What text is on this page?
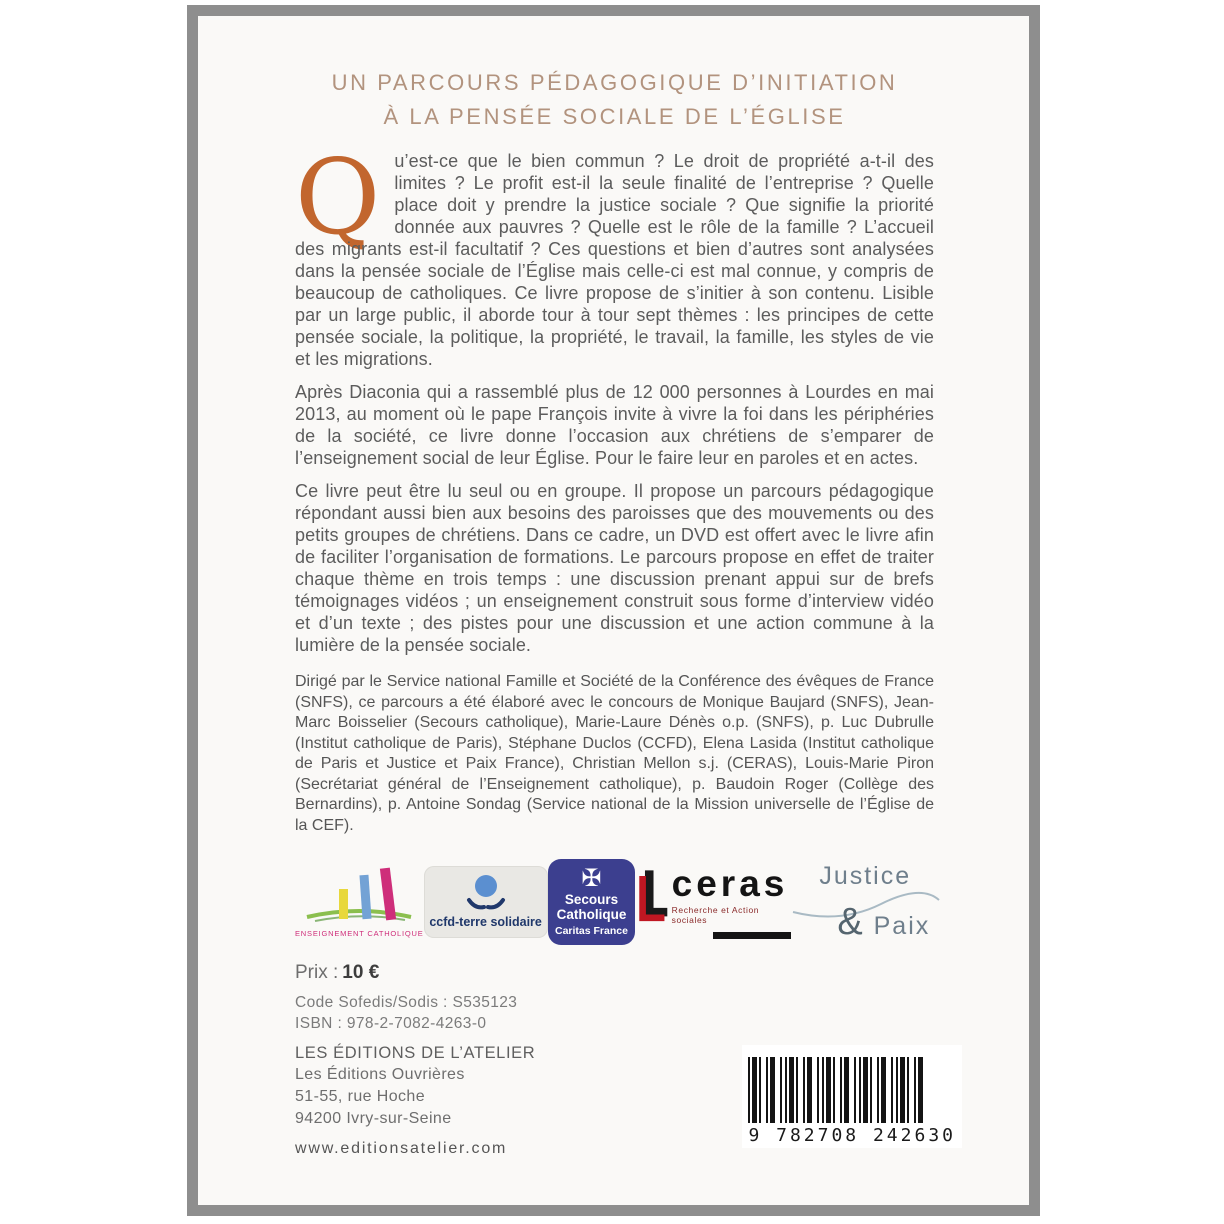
UN PARCOURS PÉDAGOGIQUE D’INITIATION
À LA PENSÉE SOCIALE DE L’ÉGLISE

Qu’est-ce que le bien commun ? Le droit de propriété a-t-il des limites ? Le profit est-il la seule finalité de l’entreprise ? Quelle place doit y prendre la justice sociale ? Que signifie la priorité donnée aux pauvres ? Quelle est le rôle de la famille ? L’accueil des migrants est-il facultatif ? Ces questions et bien d’autres sont analysées dans la pensée sociale de l’Église mais celle-ci est mal connue, y compris de beaucoup de catholiques. Ce livre propose de s’initier à son contenu. Lisible par un large public, il aborde tour à tour sept thèmes : les principes de cette pensée sociale, la politique, la propriété, le travail, la famille, les styles de vie et les migrations.

Après Diaconia qui a rassemblé plus de 12 000 personnes à Lourdes en mai 2013, au moment où le pape François invite à vivre la foi dans les périphéries de la société, ce livre donne l’occasion aux chrétiens de s’emparer de l’enseignement social de leur Église. Pour le faire leur en paroles et en actes.

Ce livre peut être lu seul ou en groupe. Il propose un parcours pédagogique répondant aussi bien aux besoins des paroisses que des mouvements ou des petits groupes de chrétiens. Dans ce cadre, un DVD est offert avec le livre afin de faciliter l’organisation de formations. Le parcours propose en effet de traiter chaque thème en trois temps : une discussion prenant appui sur de brefs témoignages vidéos ; un enseignement construit sous forme d’interview vidéo et d’un texte ; des pistes pour une discussion et une action commune à la lumière de la pensée sociale.

Dirigé par le Service national Famille et Société de la Conférence des évêques de France (SNFS), ce parcours a été élaboré avec le concours de Monique Baujard (SNFS), Jean-Marc Boisselier (Secours catholique), Marie-Laure Dénès o.p. (SNFS), p. Luc Dubrulle (Institut catholique de Paris), Stéphane Duclos (CCFD), Elena Lasida (Institut catholique de Paris et Justice et Paix France), Christian Mellon s.j. (CERAS), Louis-Marie Piron (Secrétariat général de l’Enseignement catholique), p. Baudoin Roger (Collège des Bernardins), p. Antoine Sondag (Service national de la Mission universelle de l’Église de la CEF).

ENSEIGNEMENT CATHOLIQUE
ccfd-terre solidaire
✠
Secours
Catholique
Caritas France
ceras
Recherche et Action sociales
Justice
& Paix
Prix : 10 €
Code Sofedis/Sodis : S535123
ISBN : 978-2-7082-4263-0
LES ÉDITIONS DE L’ATELIER
Les Éditions Ouvrières
51-55, rue Hoche
94200 Ivry-sur-Seine
www.editionsatelier.com
9 782708 242630
